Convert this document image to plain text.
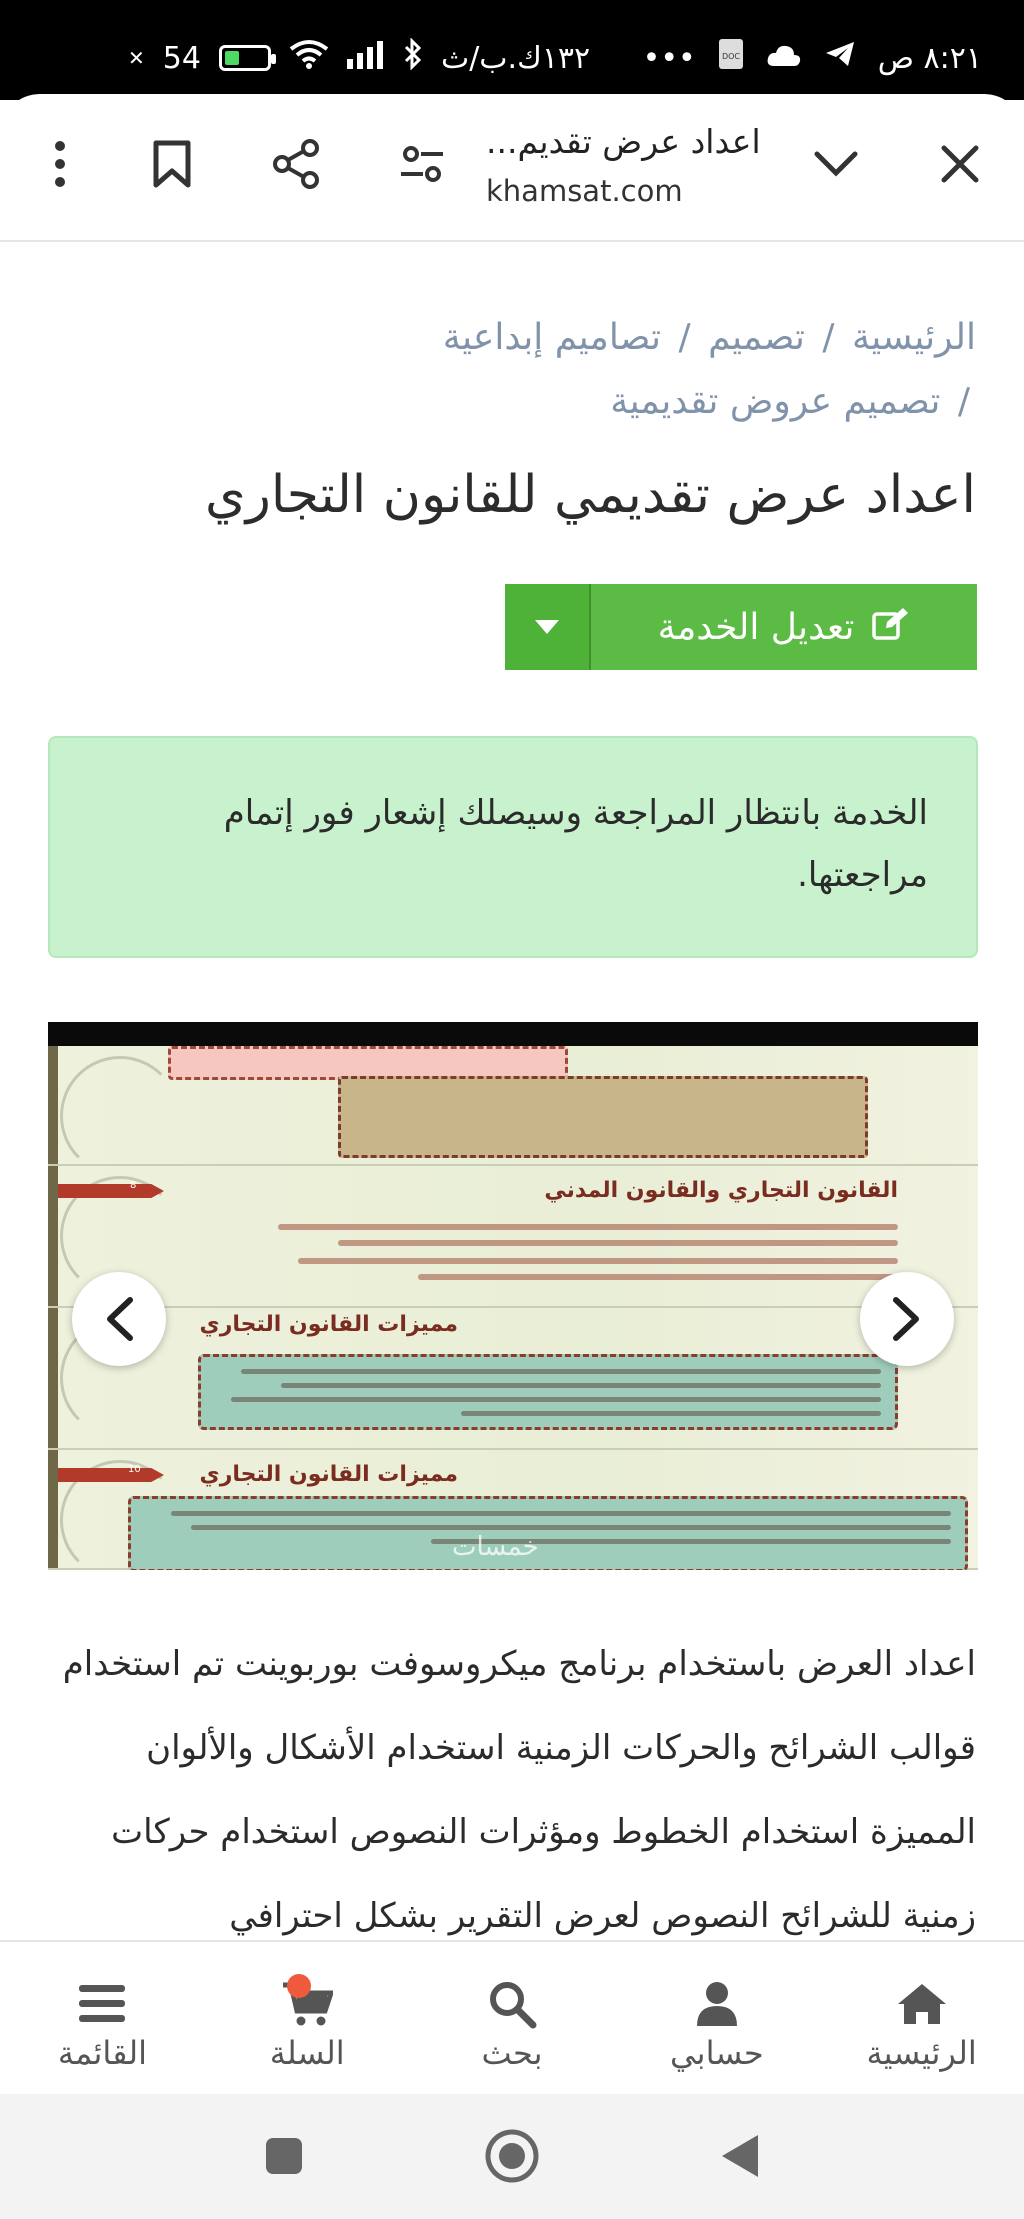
✕ 54	١٣٢ك.ب/ث •••	DOC	٨:٢١ ص
اعداد عرض تقديم...
khamsat.com
الرئيسية / تصميم / تصاميم إبداعية / تصميم عروض تقديمية
اعداد عرض تقديمي للقانون التجاري
تعديل الخدمة
الخدمة بانتظار المراجعة وسيصلك إشعار فور إتمام مراجعتها.
8	القانون التجاري والقانون المدني
مميزات القانون التجاري
10	مميزات القانون التجاري
خمسات
اعداد العرض باستخدام برنامج ميكروسوفت بوربوينت تم استخدام قوالب الشرائح والحركات الزمنية استخدام الأشكال والألوان المميزة استخدام الخطوط ومؤثرات النصوص استخدام حركات زمنية للشرائح النصوص لعرض التقرير بشكل احترافي
الرئيسية
حسابي
بحث
السلة
القائمة
